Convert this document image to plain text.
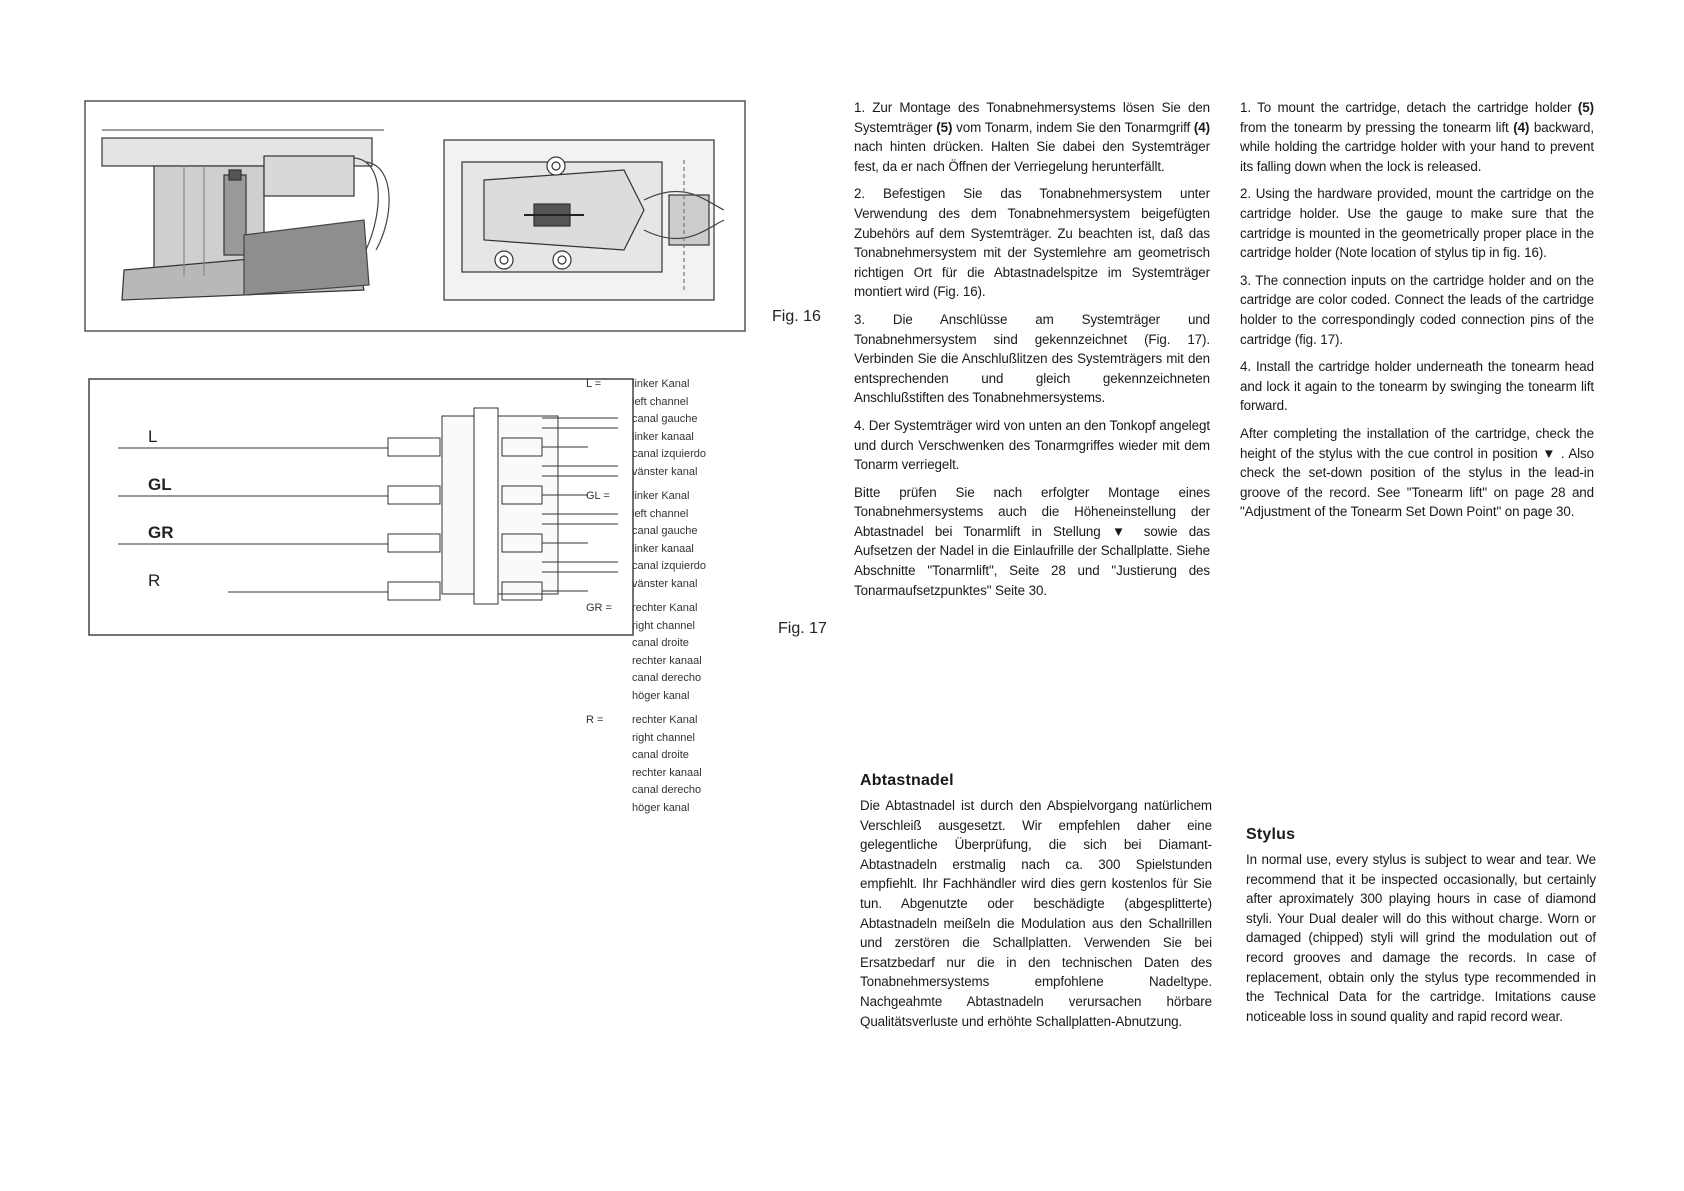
Fig. 16
L
GL
GR
R
Fig. 17
L =	linker Kanal
left channel
canal gauche
linker kanaal
canal izquierdo
vänster kanal
GL =	linker Kanal
left channel
canal gauche
linker kanaal
canal izquierdo
vänster kanal
GR =	rechter Kanal
right channel
canal droite
rechter kanaal
canal derecho
höger kanal
R =	rechter Kanal
right channel
canal droite
rechter kanaal
canal derecho
höger kanal

1. Zur Montage des Tonabnehmersystems lösen Sie den Systemträger (5) vom Tonarm, indem Sie den Tonarmgriff (4) nach hinten drücken. Halten Sie dabei den Systemträger fest, da er nach Öffnen der Verriegelung herunterfällt.

2. Befestigen Sie das Tonabnehmersystem unter Verwendung des dem Tonabnehmersystem beigefügten Zubehörs auf dem Systemträger. Zu beachten ist, daß das Tonabnehmersystem mit der Systemlehre am geometrisch richtigen Ort für die Abtastnadelspitze im Systemträger montiert wird (Fig. 16).

3. Die Anschlüsse am Systemträger und Tonabnehmersystem sind gekennzeichnet (Fig. 17). Verbinden Sie die Anschlußlitzen des Systemträgers mit den entsprechenden und gleich gekennzeichneten Anschlußstiften des Tonabnehmersystems.

4. Der Systemträger wird von unten an den Tonkopf angelegt und durch Verschwenken des Tonarmgriffes wieder mit dem Tonarm verriegelt.

Bitte prüfen Sie nach erfolgter Montage eines Tonabnehmersystems auch die Höheneinstellung der Abtastnadel bei Tonarmlift in Stellung ▼ sowie das Aufsetzen der Nadel in die Einlaufrille der Schallplatte. Siehe Abschnitte "Tonarmlift", Seite 28 und "Justierung des Tonarmaufsetzpunktes" Seite 30.

Abtastnadel
Die Abtastnadel ist durch den Abspielvorgang natürlichem Verschleiß ausgesetzt. Wir empfehlen daher eine gelegentliche Überprüfung, die sich bei Diamant-Abtastnadeln erstmalig nach ca. 300 Spielstunden empfiehlt. Ihr Fachhändler wird dies gern kostenlos für Sie tun. Abgenutzte oder beschädigte (abgesplitterte) Abtastnadeln meißeln die Modulation aus den Schallrillen und zerstören die Schallplatten. Verwenden Sie bei Ersatzbedarf nur die in den technischen Daten des Tonabnehmersystems empfohlene Nadeltype. Nachgeahmte Abtastnadeln verursachen hörbare Qualitätsverluste und erhöhte Schallplatten-Abnutzung.

1. To mount the cartridge, detach the cartridge holder (5) from the tonearm by pressing the tonearm lift (4) backward, while holding the cartridge holder with your hand to prevent its falling down when the lock is released.

2. Using the hardware provided, mount the cartridge on the cartridge holder. Use the gauge to make sure that the cartridge is mounted in the geometrically proper place in the cartridge holder (Note location of stylus tip in fig. 16).

3. The connection inputs on the cartridge holder and on the cartridge are color coded. Connect the leads of the cartridge holder to the correspondingly coded connection pins of the cartridge (fig. 17).

4. Install the cartridge holder underneath the tonearm head and lock it again to the tonearm by swinging the tonearm lift forward.

After completing the installation of the cartridge, check the height of the stylus with the cue control in position ▼ . Also check the set-down position of the stylus in the lead-in groove of the record. See "Tonearm lift" on page 28 and "Adjustment of the Tonearm Set Down Point" on page 30.

Stylus
In normal use, every stylus is subject to wear and tear. We recommend that it be inspected occasionally, but certainly after aproximately 300 playing hours in case of diamond styli. Your Dual dealer will do this without charge. Worn or damaged (chipped) styli will grind the modulation out of record grooves and damage the records. In case of replacement, obtain only the stylus type recommended in the Technical Data for the cartridge. Imitations cause noticeable loss in sound quality and rapid record wear.
